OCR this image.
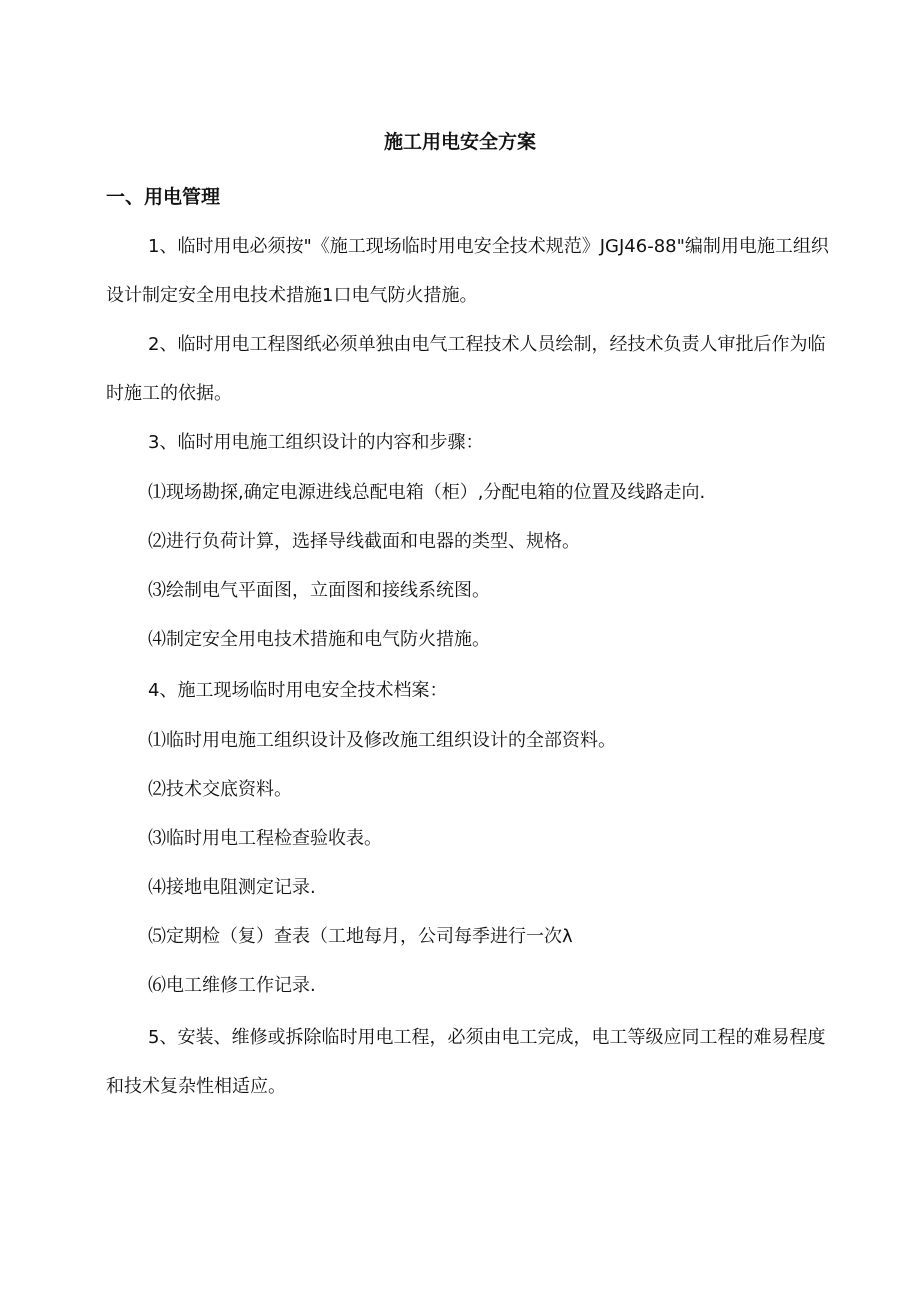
施工用电安全方案
一、用电管理

1、临时用电必须按"《施工现场临时用电安全技术规范》JGJ46-88"编制用电施工组织设计制定安全用电技术措施1口电气防火措施。

2、临时用电工程图纸必须单独由电气工程技术人员绘制，经技术负责人审批后作为临时施工的依据。

3、临时用电施工组织设计的内容和步骤：

⑴现场勘探,确定电源进线总配电箱（柜）,分配电箱的位置及线路走向.

⑵进行负荷计算，选择导线截面和电器的类型、规格。

⑶绘制电气平面图，立面图和接线系统图。

⑷制定安全用电技术措施和电气防火措施。

4、施工现场临时用电安全技术档案：

⑴临时用电施工组织设计及修改施工组织设计的全部资料。

⑵技术交底资料。

⑶临时用电工程检查验收表。

⑷接地电阻测定记录.

⑸定期检（复）查表（工地每月，公司每季进行一次λ

⑹电工维修工作记录.

5、安装、维修或拆除临时用电工程，必须由电工完成，电工等级应同工程的难易程度和技术复杂性相适应。
